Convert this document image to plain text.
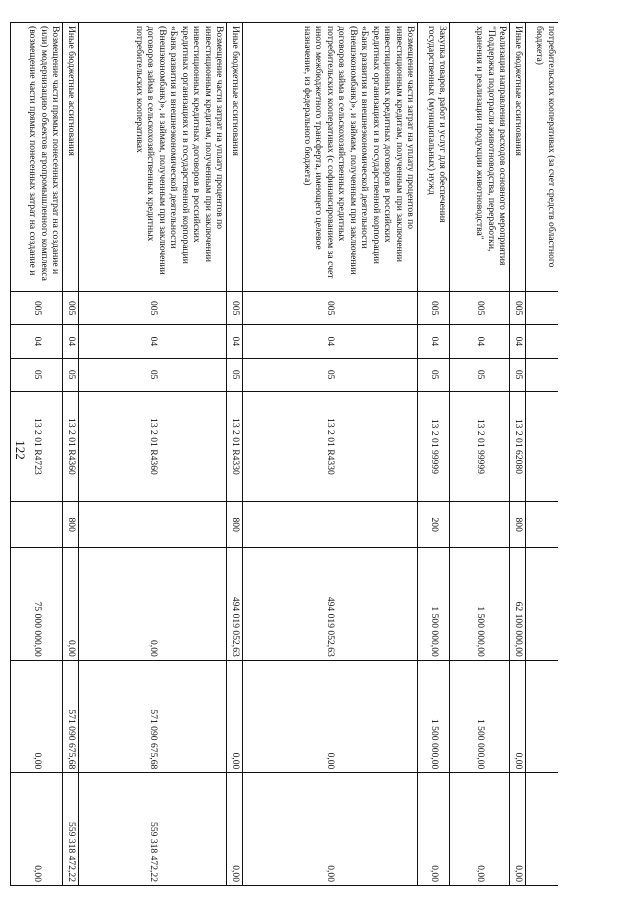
122
потребительских кооперативах (за счет средств областного бюджета)								
Иные бюджетные ассигнования	005	04	05	13 2 01 62080	800	62 100 000,00	0,00	0,00
Реализация направления расходов основного мероприятия "Поддержка подотрасли животноводства, переработки, хранения и реализации продукции животноводства"	005	04	05	13 2 01 99999		1 500 000,00	1 500 000,00	0,00
Закупка товаров, работ и услуг для обеспечения государственных (муниципальных) нужд	005	04	05	13 2 01 99999	200	1 500 000,00	1 500 000,00	0,00
Возмещение части затрат на уплату процентов по инвестиционным кредитам, полученным при заключении инвестиционных кредитных договоров в российских кредитных организациях и в государственной корпорации «Банк развития и внешнеэкономической деятельности (Внешэкономбанк)», и займам, полученным при заключении договоров займа в сельскохозяйственных кредитных потребительских кооперативах (с софинансированием за счет иного межбюджетного трансферта, имеющего целевое назначение, из федерального бюджета)	005	04	05	13 2 01 R4330		494 019 052,63	0,00	0,00
Иные бюджетные ассигнования	005	04	05	13 2 01 R4330	800	494 019 052,63	0,00	0,00
Возмещение части затрат на уплату процентов по инвестиционным кредитам, полученным при заключении инвестиционных кредитных договоров в российских кредитных организациях и в государственной корпорации «Банк развития и внешнеэкономической деятельности (Внешэкономбанк)», и займам, полученным при заключении договоров займа в сельскохозяйственных кредитных потребительских кооперативах	005	04	05	13 2 01 R4360		0,00	571 090 675,68	559 318 472,22
Иные бюджетные ассигнования	005	04	05	13 2 01 R4360	800	0,00	571 090 675,68	559 318 472,22
Возмещение части прямых понесенных затрат на создание и (или) модернизацию объектов агропромышленного комплекса (возмещение части прямых понесенных затрат на создание и	005	04	05	13 2 01 R4723		75 000 000,00	0,00	0,00
